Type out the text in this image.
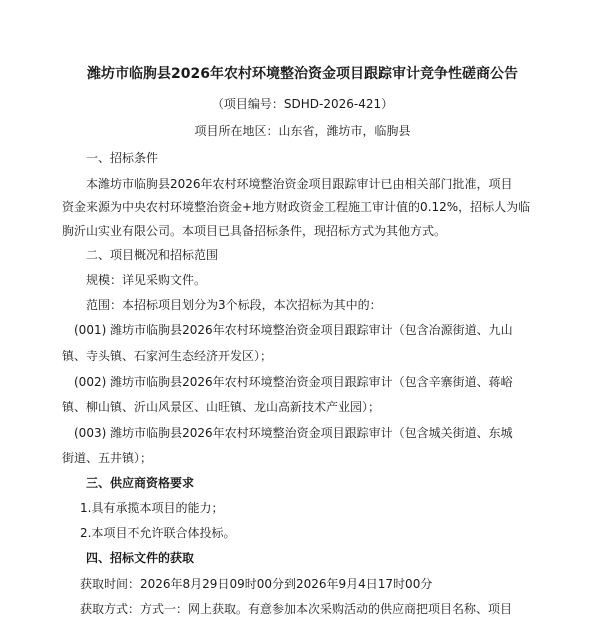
潍坊市临朐县2026年农村环境整治资金项目跟踪审计竞争性磋商公告
（项目编号：SDHD-2026-421）
项目所在地区：山东省，潍坊市，临朐县
一、招标条件
本潍坊市临朐县2026年农村环境整治资金项目跟踪审计已由相关部门批准，项目
资金来源为中央农村环境整治资金+地方财政资金工程施工审计值的0.12%，招标人为临
朐沂山实业有限公司。本项目已具备招标条件，现招标方式为其他方式。
二、项目概况和招标范围
规模：详见采购文件。
范围：本招标项目划分为3个标段，本次招标为其中的：
(001) 潍坊市临朐县2026年农村环境整治资金项目跟踪审计（包含冶源街道、九山
镇、寺头镇、石家河生态经济开发区）；
(002) 潍坊市临朐县2026年农村环境整治资金项目跟踪审计（包含辛寨街道、蒋峪
镇、柳山镇、沂山风景区、山旺镇、龙山高新技术产业园）；
(003) 潍坊市临朐县2026年农村环境整治资金项目跟踪审计（包含城关街道、东城
街道、五井镇）；
三、供应商资格要求
1.具有承揽本项目的能力；
2.本项目不允许联合体投标。
四、招标文件的获取
获取时间：2026年8月29日09时00分到2026年9月4日17时00分
获取方式：方式一：网上获取。有意参加本次采购活动的供应商把项目名称、项目
